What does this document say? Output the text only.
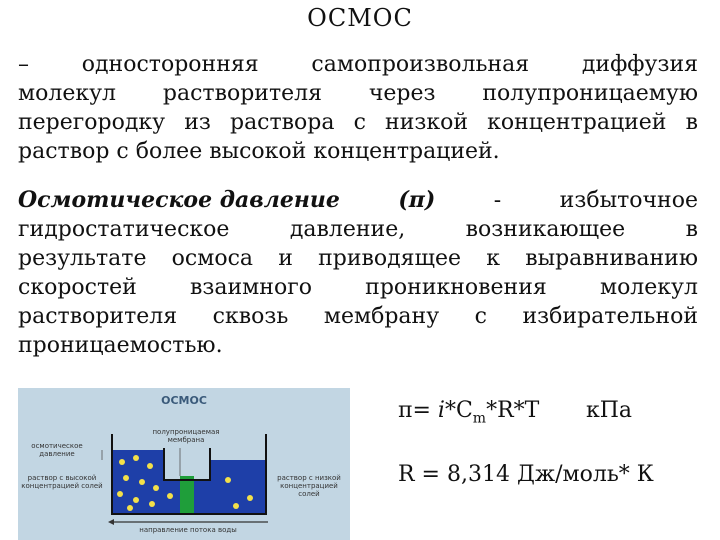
ОСМОС
– односторонняя самопроизвольная диффузия
молекул растворителя через полупроницаемую
перегородку из раствора с низкой концентрацией в
раствор с более высокой концентрацией.
Осмотическое давление	(π)	-	избыточное
гидростатическое	давление,	возникающее	в
результате осмоса и приводящее к выравниванию
скоростей взаимного проникновения молекул
растворителя сквозь мембрану с избирательной
проницаемостью.
ОСМОС
осмотическое давление
полупроницаемая мембрана
раствор с высокой концентрацией солей
раствор с низкой концентрацией солей
направление потока воды
$\pi= i*C_m*R*T$ кПа
R = 8,314 Дж/моль* К
